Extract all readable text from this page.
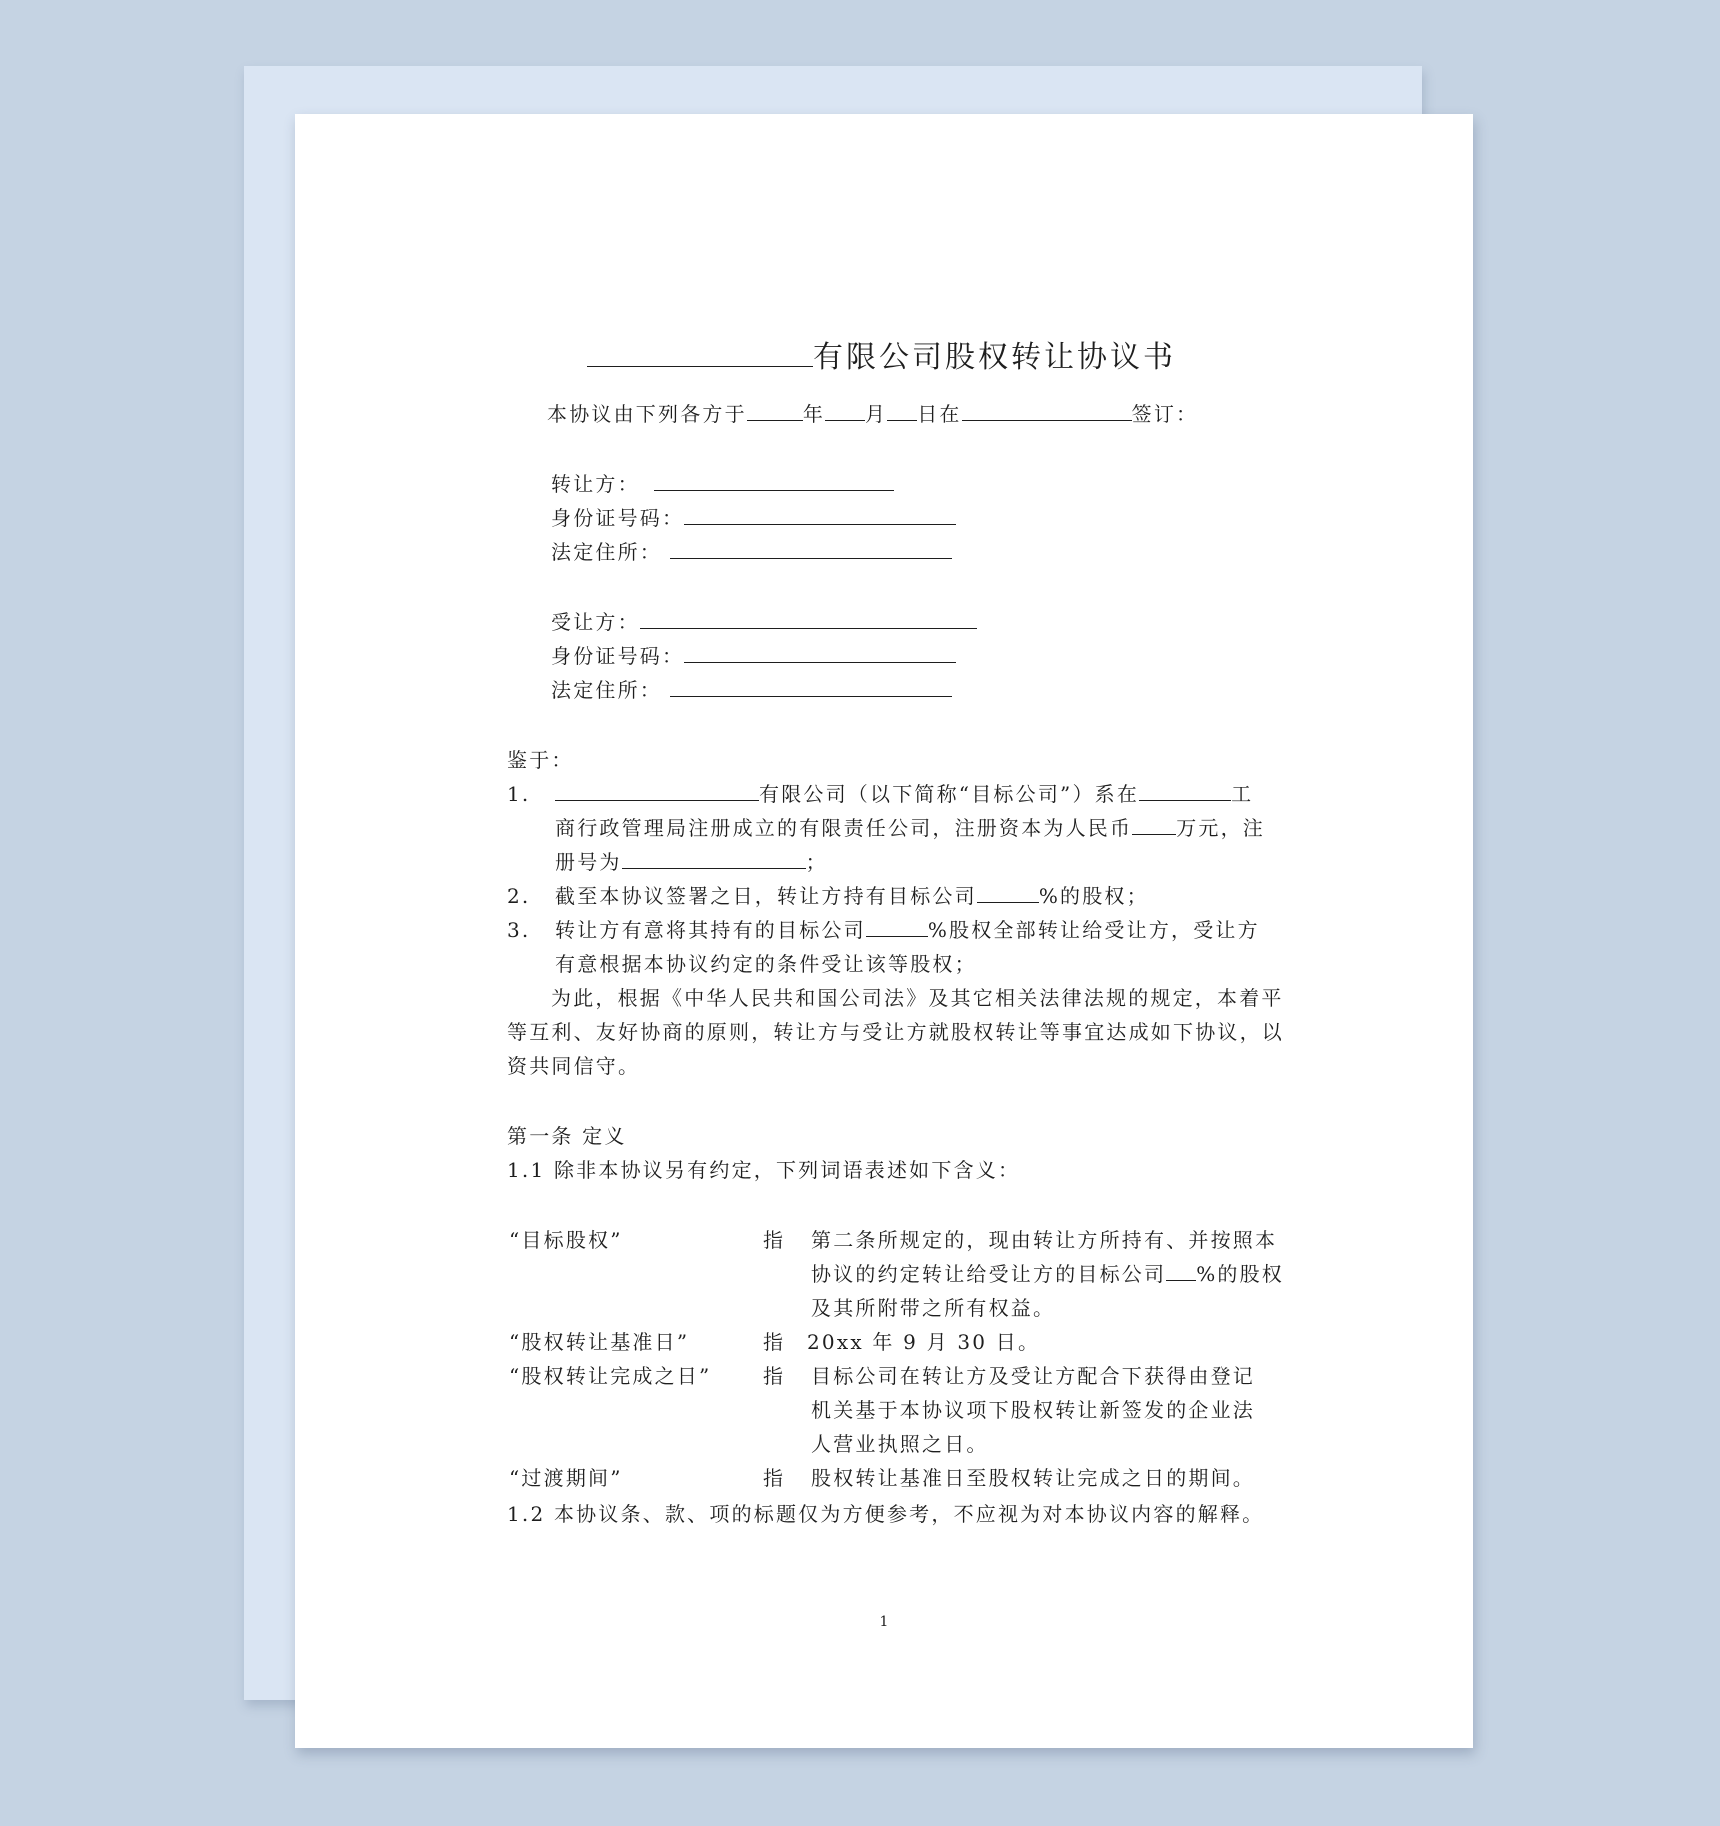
有限公司股权转让协议书
本协议由下列各方于	年 月 日在	签订：
转让方：
身份证号码：
法定住所：
受让方：
身份证号码：
法定住所：
鉴于：
1.	有限公司（以下简称“目标公司”）系在	工
商行政管理局注册成立的有限责任公司，注册资本为人民币 万元，注
册号为	；
2. 截至本协议签署之日，转让方持有目标公司	%的股权；
3. 转让方有意将其持有的目标公司	%股权全部转让给受让方，受让方
有意根据本协议约定的条件受让该等股权；
为此，根据《中华人民共和国公司法》及其它相关法律法规的规定，本着平
等互利、友好协商的原则，转让方与受让方就股权转让等事宜达成如下协议，以
资共同信守。
第一条 定义
1.1 除非本协议另有约定，下列词语表述如下含义：
“目标股权”	指 第二条所规定的，现由转让方所持有、并按照本
协议的约定转让给受让方的目标公司 %的股权
及其所附带之所有权益。
“股权转让基准日”	指 20xx 年 9 月 30 日。
“股权转让完成之日”	指 目标公司在转让方及受让方配合下获得由登记
机关基于本协议项下股权转让新签发的企业法
人营业执照之日。
“过渡期间”	指 股权转让基准日至股权转让完成之日的期间。
1.2 本协议条、款、项的标题仅为方便参考，不应视为对本协议内容的解释。
1
